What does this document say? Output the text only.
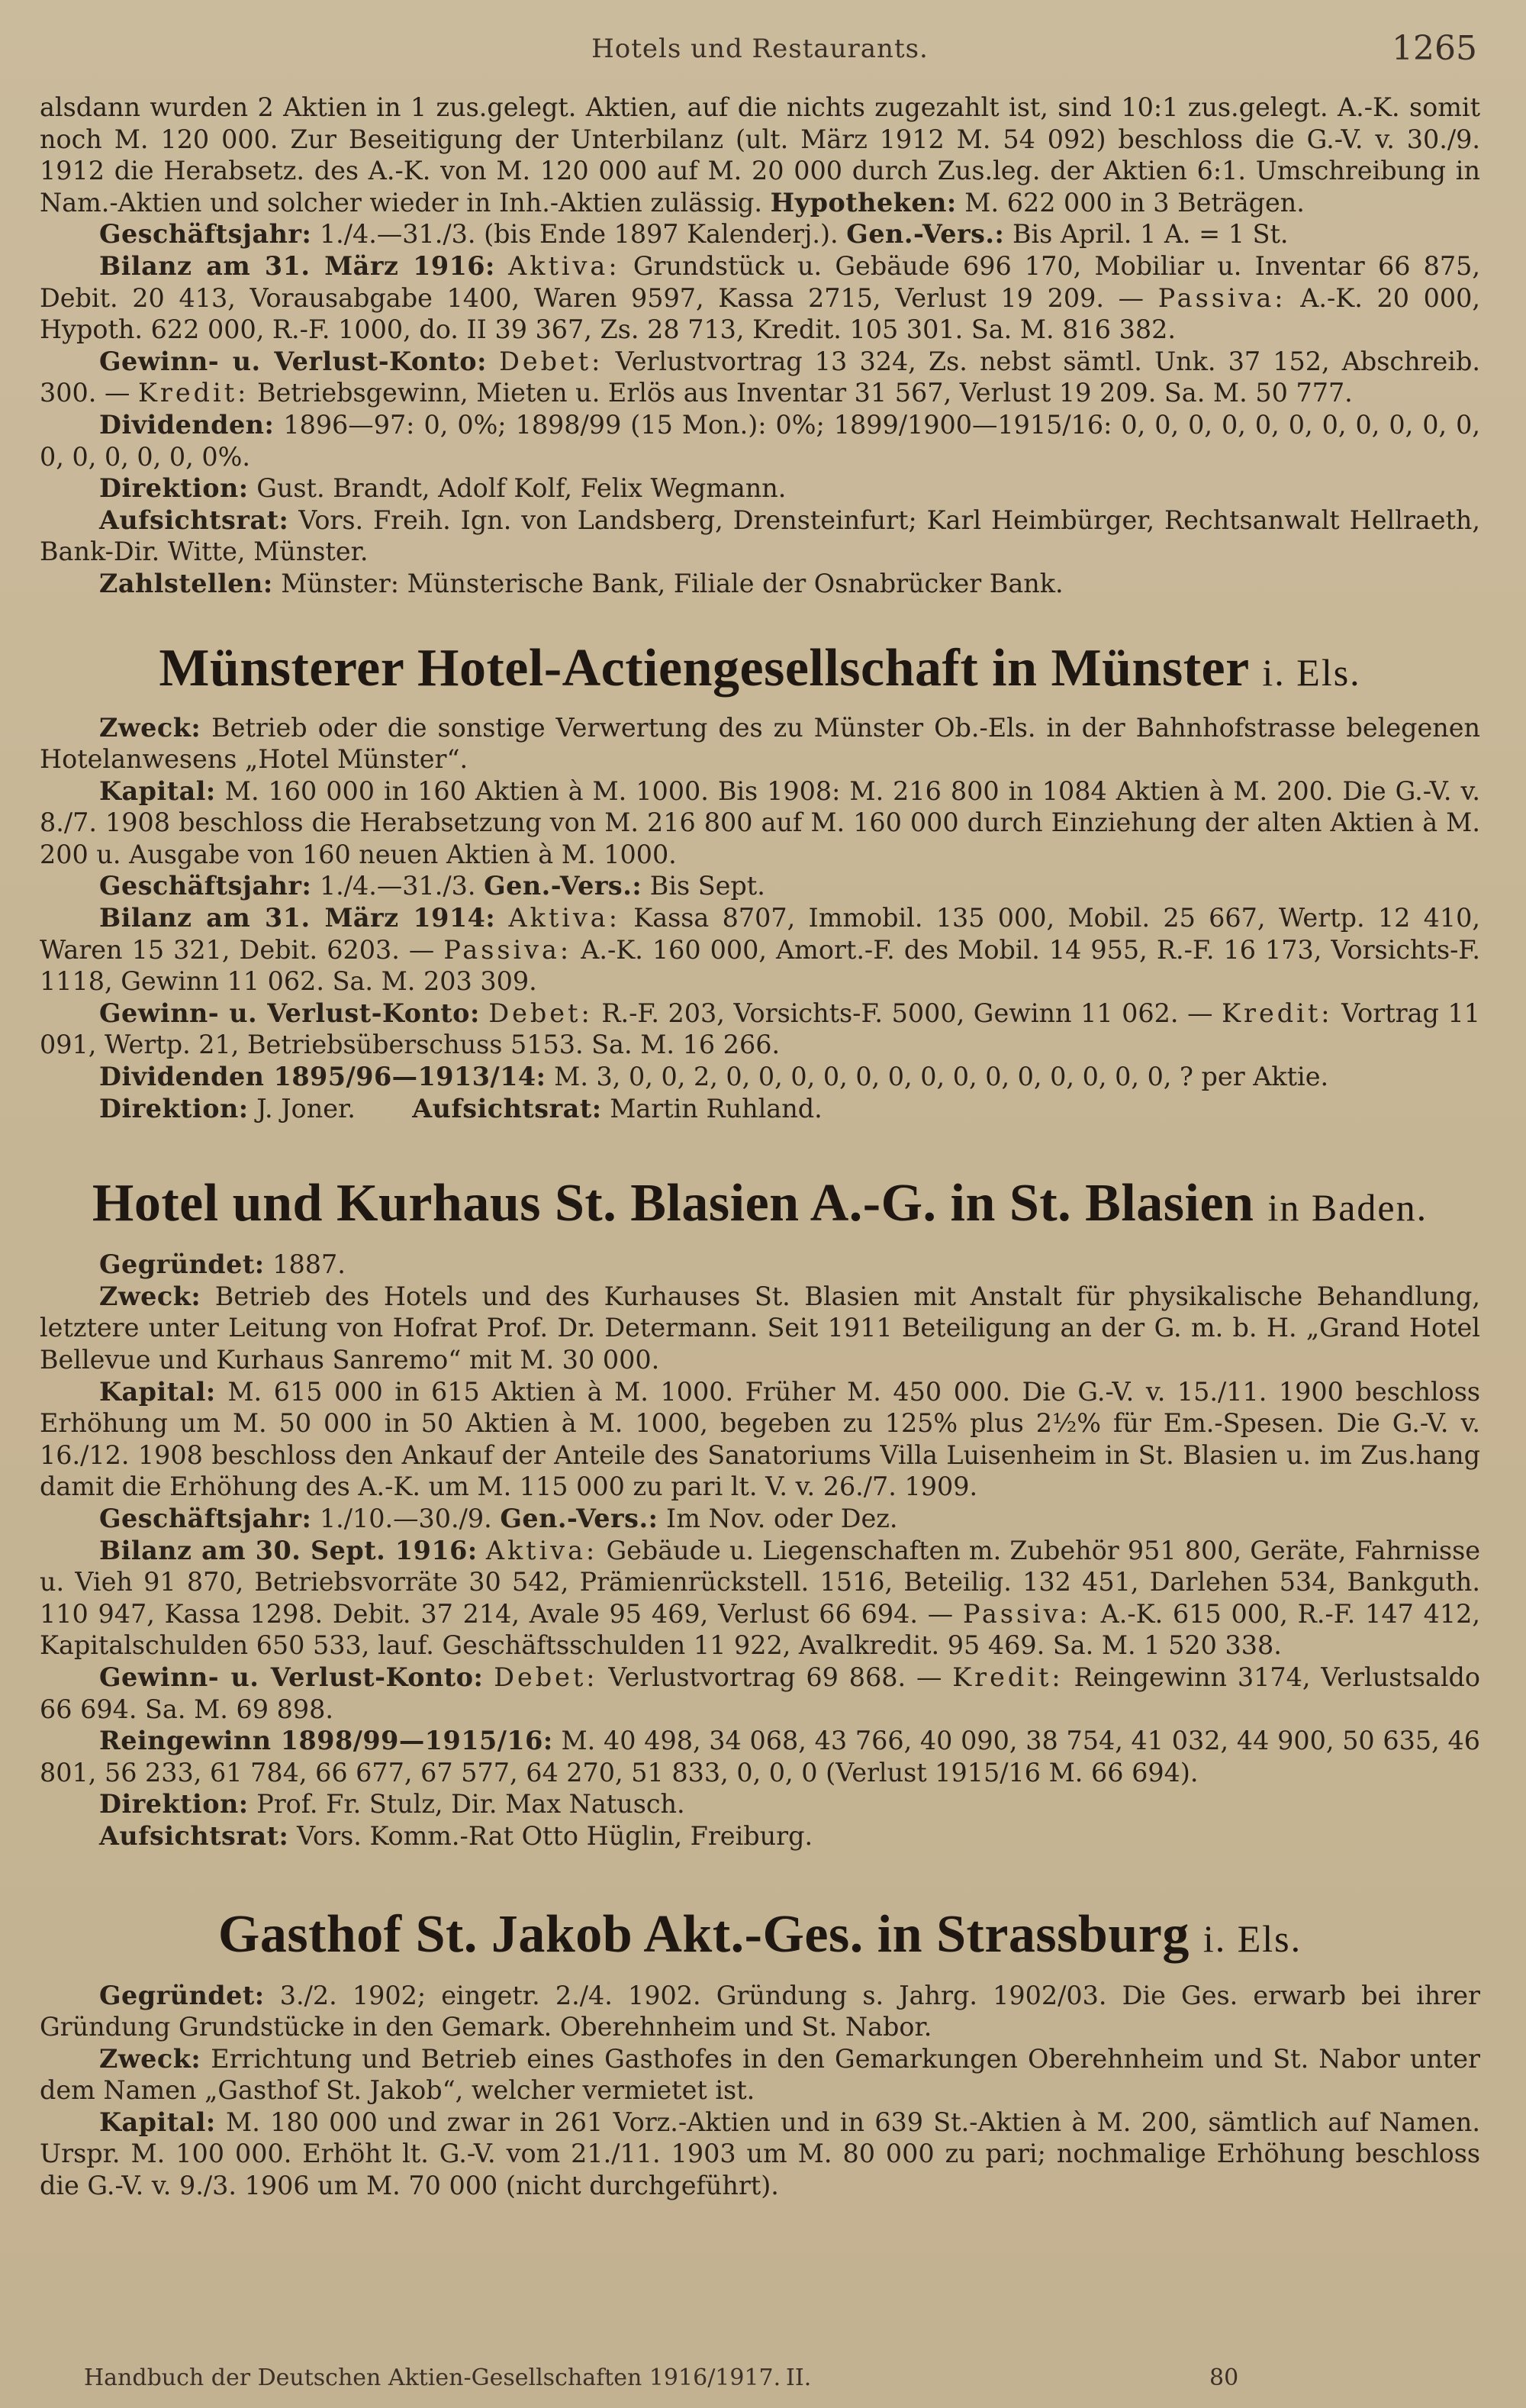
Hotels und Restaurants.	1265

alsdann wurden 2 Aktien in 1 zus.gelegt. Aktien, auf die nichts zugezahlt ist, sind 10:1 zus.gelegt. A.-K. somit noch M. 120 000. Zur Beseitigung der Unterbilanz (ult. März 1912 M. 54 092) beschloss die G.-V. v. 30./9. 1912 die Herabsetz. des A.-K. von M. 120 000 auf M. 20 000 durch Zus.leg. der Aktien 6:1. Umschreibung in Nam.-Aktien und solcher wieder in Inh.-Aktien zulässig. Hypotheken: M. 622 000 in 3 Beträgen.

Geschäftsjahr: 1./4.—31./3. (bis Ende 1897 Kalenderj.). Gen.-Vers.: Bis April. 1 A. = 1 St.

Bilanz am 31. März 1916: Aktiva: Grundstück u. Gebäude 696 170, Mobiliar u. Inventar 66 875, Debit. 20 413, Vorausabgabe 1400, Waren 9597, Kassa 2715, Verlust 19 209. — Passiva: A.-K. 20 000, Hypoth. 622 000, R.-F. 1000, do. II 39 367, Zs. 28 713, Kredit. 105 301. Sa. M. 816 382.

Gewinn- u. Verlust-Konto: Debet: Verlustvortrag 13 324, Zs. nebst sämtl. Unk. 37 152, Abschreib. 300. — Kredit: Betriebsgewinn, Mieten u. Erlös aus Inventar 31 567, Verlust 19 209. Sa. M. 50 777.

Dividenden: 1896—97: 0, 0%; 1898/99 (15 Mon.): 0%; 1899/1900—1915/16: 0, 0, 0, 0, 0, 0, 0, 0, 0, 0, 0, 0, 0, 0, 0, 0, 0%.

Direktion: Gust. Brandt, Adolf Kolf, Felix Wegmann.

Aufsichtsrat: Vors. Freih. Ign. von Landsberg, Drensteinfurt; Karl Heimbürger, Rechtsanwalt Hellraeth, Bank-Dir. Witte, Münster.

Zahlstellen: Münster: Münsterische Bank, Filiale der Osnabrücker Bank.

Münsterer Hotel-Actiengesellschaft in Münster i. Els.

Zweck: Betrieb oder die sonstige Verwertung des zu Münster Ob.-Els. in der Bahnhofstrasse belegenen Hotelanwesens „Hotel Münster“.

Kapital: M. 160 000 in 160 Aktien à M. 1000. Bis 1908: M. 216 800 in 1084 Aktien à M. 200. Die G.-V. v. 8./7. 1908 beschloss die Herabsetzung von M. 216 800 auf M. 160 000 durch Einziehung der alten Aktien à M. 200 u. Ausgabe von 160 neuen Aktien à M. 1000.

Geschäftsjahr: 1./4.—31./3. Gen.-Vers.: Bis Sept.

Bilanz am 31. März 1914: Aktiva: Kassa 8707, Immobil. 135 000, Mobil. 25 667, Wertp. 12 410, Waren 15 321, Debit. 6203. — Passiva: A.-K. 160 000, Amort.-F. des Mobil. 14 955, R.-F. 16 173, Vorsichts-F. 1118, Gewinn 11 062. Sa. M. 203 309.

Gewinn- u. Verlust-Konto: Debet: R.-F. 203, Vorsichts-F. 5000, Gewinn 11 062. — Kredit: Vortrag 11 091, Wertp. 21, Betriebsüberschuss 5153. Sa. M. 16 266.

Dividenden 1895/96—1913/14: M. 3, 0, 0, 2, 0, 0, 0, 0, 0, 0, 0, 0, 0, 0, 0, 0, 0, 0, ? per Aktie.

Direktion: J. Joner. Aufsichtsrat: Martin Ruhland.

Hotel und Kurhaus St. Blasien A.-G. in St. Blasien in Baden.

Gegründet: 1887.

Zweck: Betrieb des Hotels und des Kurhauses St. Blasien mit Anstalt für physikalische Behandlung, letztere unter Leitung von Hofrat Prof. Dr. Determann. Seit 1911 Beteiligung an der G. m. b. H. „Grand Hotel Bellevue und Kurhaus Sanremo“ mit M. 30 000.

Kapital: M. 615 000 in 615 Aktien à M. 1000. Früher M. 450 000. Die G.-V. v. 15./11. 1900 beschloss Erhöhung um M. 50 000 in 50 Aktien à M. 1000, begeben zu 125% plus 2½% für Em.-Spesen. Die G.-V. v. 16./12. 1908 beschloss den Ankauf der Anteile des Sanatoriums Villa Luisenheim in St. Blasien u. im Zus.hang damit die Erhöhung des A.-K. um M. 115 000 zu pari lt. V. v. 26./7. 1909.

Geschäftsjahr: 1./10.—30./9. Gen.-Vers.: Im Nov. oder Dez.

Bilanz am 30. Sept. 1916: Aktiva: Gebäude u. Liegenschaften m. Zubehör 951 800, Geräte, Fahrnisse u. Vieh 91 870, Betriebsvorräte 30 542, Prämienrückstell. 1516, Beteilig. 132 451, Darlehen 534, Bankguth. 110 947, Kassa 1298. Debit. 37 214, Avale 95 469, Verlust 66 694. — Passiva: A.-K. 615 000, R.-F. 147 412, Kapitalschulden 650 533, lauf. Geschäftsschulden 11 922, Avalkredit. 95 469. Sa. M. 1 520 338.

Gewinn- u. Verlust-Konto: Debet: Verlustvortrag 69 868. — Kredit: Reingewinn 3174, Verlustsaldo 66 694. Sa. M. 69 898.

Reingewinn 1898/99—1915/16: M. 40 498, 34 068, 43 766, 40 090, 38 754, 41 032, 44 900, 50 635, 46 801, 56 233, 61 784, 66 677, 67 577, 64 270, 51 833, 0, 0, 0 (Verlust 1915/16 M. 66 694).

Direktion: Prof. Fr. Stulz, Dir. Max Natusch.

Aufsichtsrat: Vors. Komm.-Rat Otto Hüglin, Freiburg.

Gasthof St. Jakob Akt.-Ges. in Strassburg i. Els.

Gegründet: 3./2. 1902; eingetr. 2./4. 1902. Gründung s. Jahrg. 1902/03. Die Ges. erwarb bei ihrer Gründung Grundstücke in den Gemark. Oberehnheim und St. Nabor.

Zweck: Errichtung und Betrieb eines Gasthofes in den Gemarkungen Oberehnheim und St. Nabor unter dem Namen „Gasthof St. Jakob“, welcher vermietet ist.

Kapital: M. 180 000 und zwar in 261 Vorz.-Aktien und in 639 St.-Aktien à M. 200, sämtlich auf Namen. Urspr. M. 100 000. Erhöht lt. G.-V. vom 21./11. 1903 um M. 80 000 zu pari; nochmalige Erhöhung beschloss die G.-V. v. 9./3. 1906 um M. 70 000 (nicht durchgeführt).

Handbuch der Deutschen Aktien-Gesellschaften 1916/1917. II.	80
